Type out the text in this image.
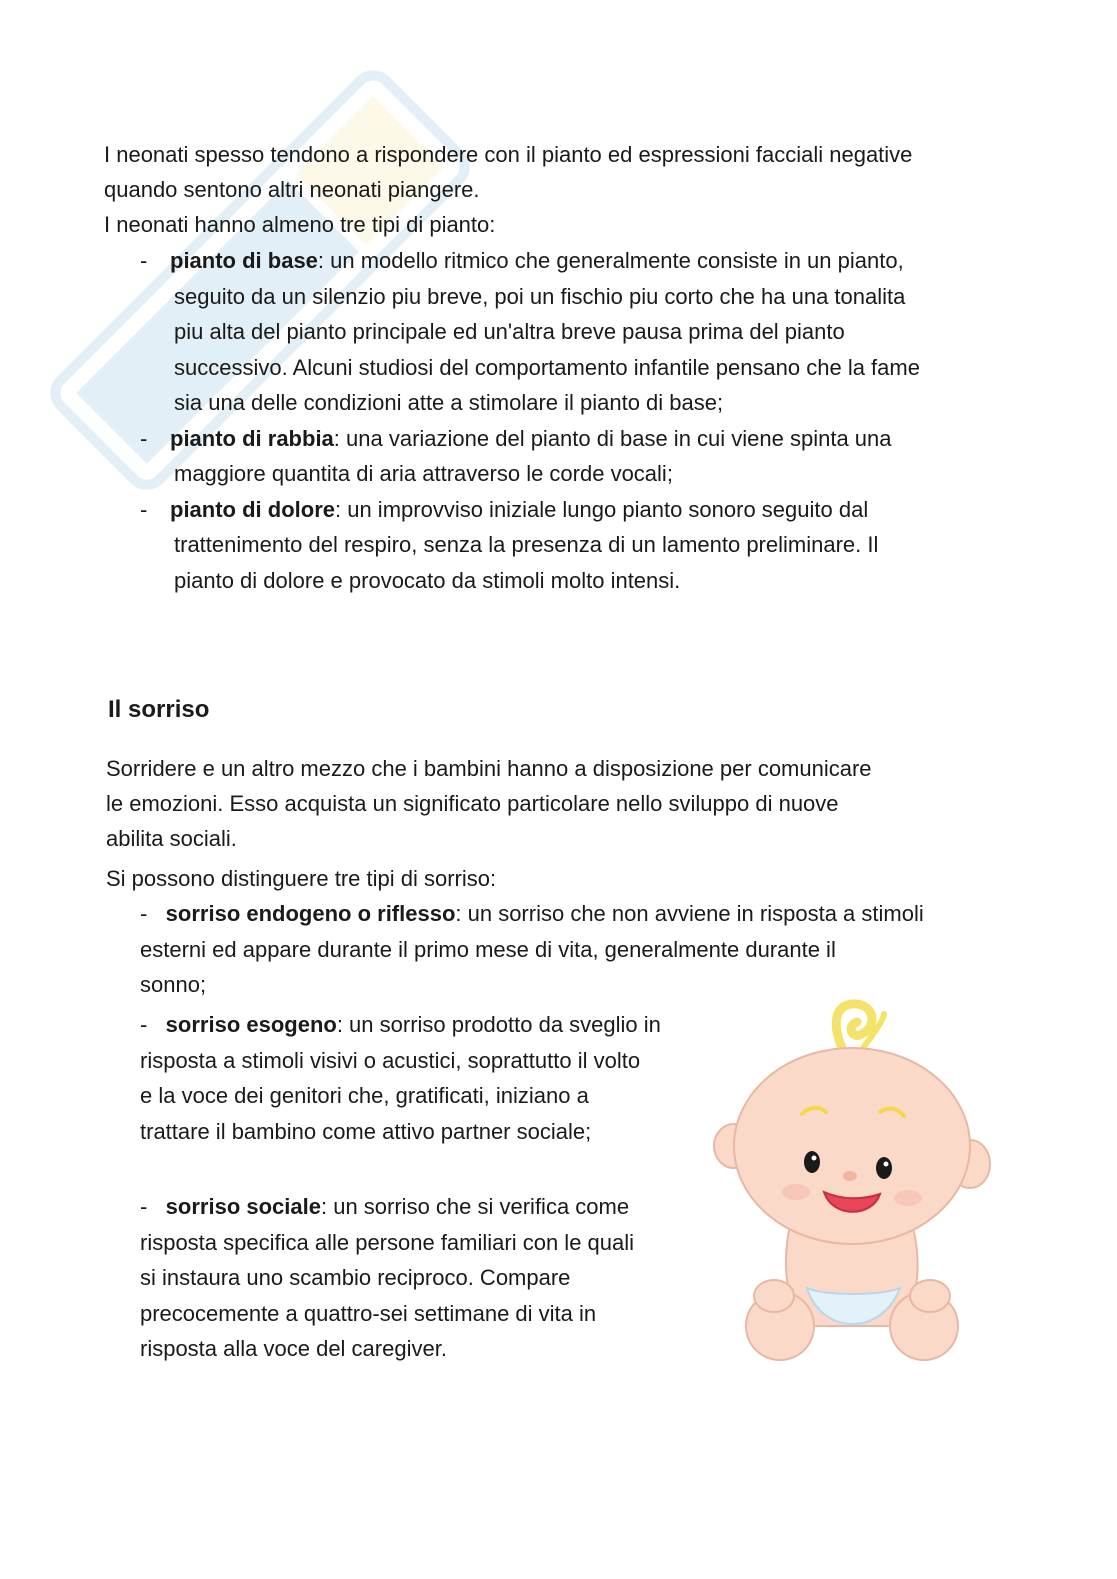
I neonati spesso tendono a rispondere con il pianto ed espressioni facciali negative

quando sentono altri neonati piangere.

I neonati hanno almeno tre tipi di pianto:

- pianto di base: un modello ritmico che generalmente consiste in un pianto,
seguito da un silenzio piu breve, poi un fischio piu corto che ha una tonalita
piu alta del pianto principale ed un'altra breve pausa prima del pianto
successivo. Alcuni studiosi del comportamento infantile pensano che la fame
sia una delle condizioni atte a stimolare il pianto di base;
- pianto di rabbia: una variazione del pianto di base in cui viene spinta una
maggiore quantita di aria attraverso le corde vocali;
- pianto di dolore: un improvviso iniziale lungo pianto sonoro seguito dal
trattenimento del respiro, senza la presenza di un lamento preliminare. Il
pianto di dolore e provocato da stimoli molto intensi.
Il sorriso

Sorridere e un altro mezzo che i bambini hanno a disposizione per comunicare

le emozioni. Esso acquista un significato particolare nello sviluppo di nuove

abilita sociali.

Si possono distinguere tre tipi di sorriso:

- sorriso endogeno o riflesso: un sorriso che non avviene in risposta a stimoli
esterni ed appare durante il primo mese di vita, generalmente durante il
sonno;
- sorriso esogeno: un sorriso prodotto da sveglio in
risposta a stimoli visivi o acustici, soprattutto il volto
e la voce dei genitori che, gratificati, iniziano a
trattare il bambino come attivo partner sociale;
- sorriso sociale: un sorriso che si verifica come
risposta specifica alle persone familiari con le quali
si instaura uno scambio reciproco. Compare
precocemente a quattro-sei settimane di vita in
risposta alla voce del caregiver.
